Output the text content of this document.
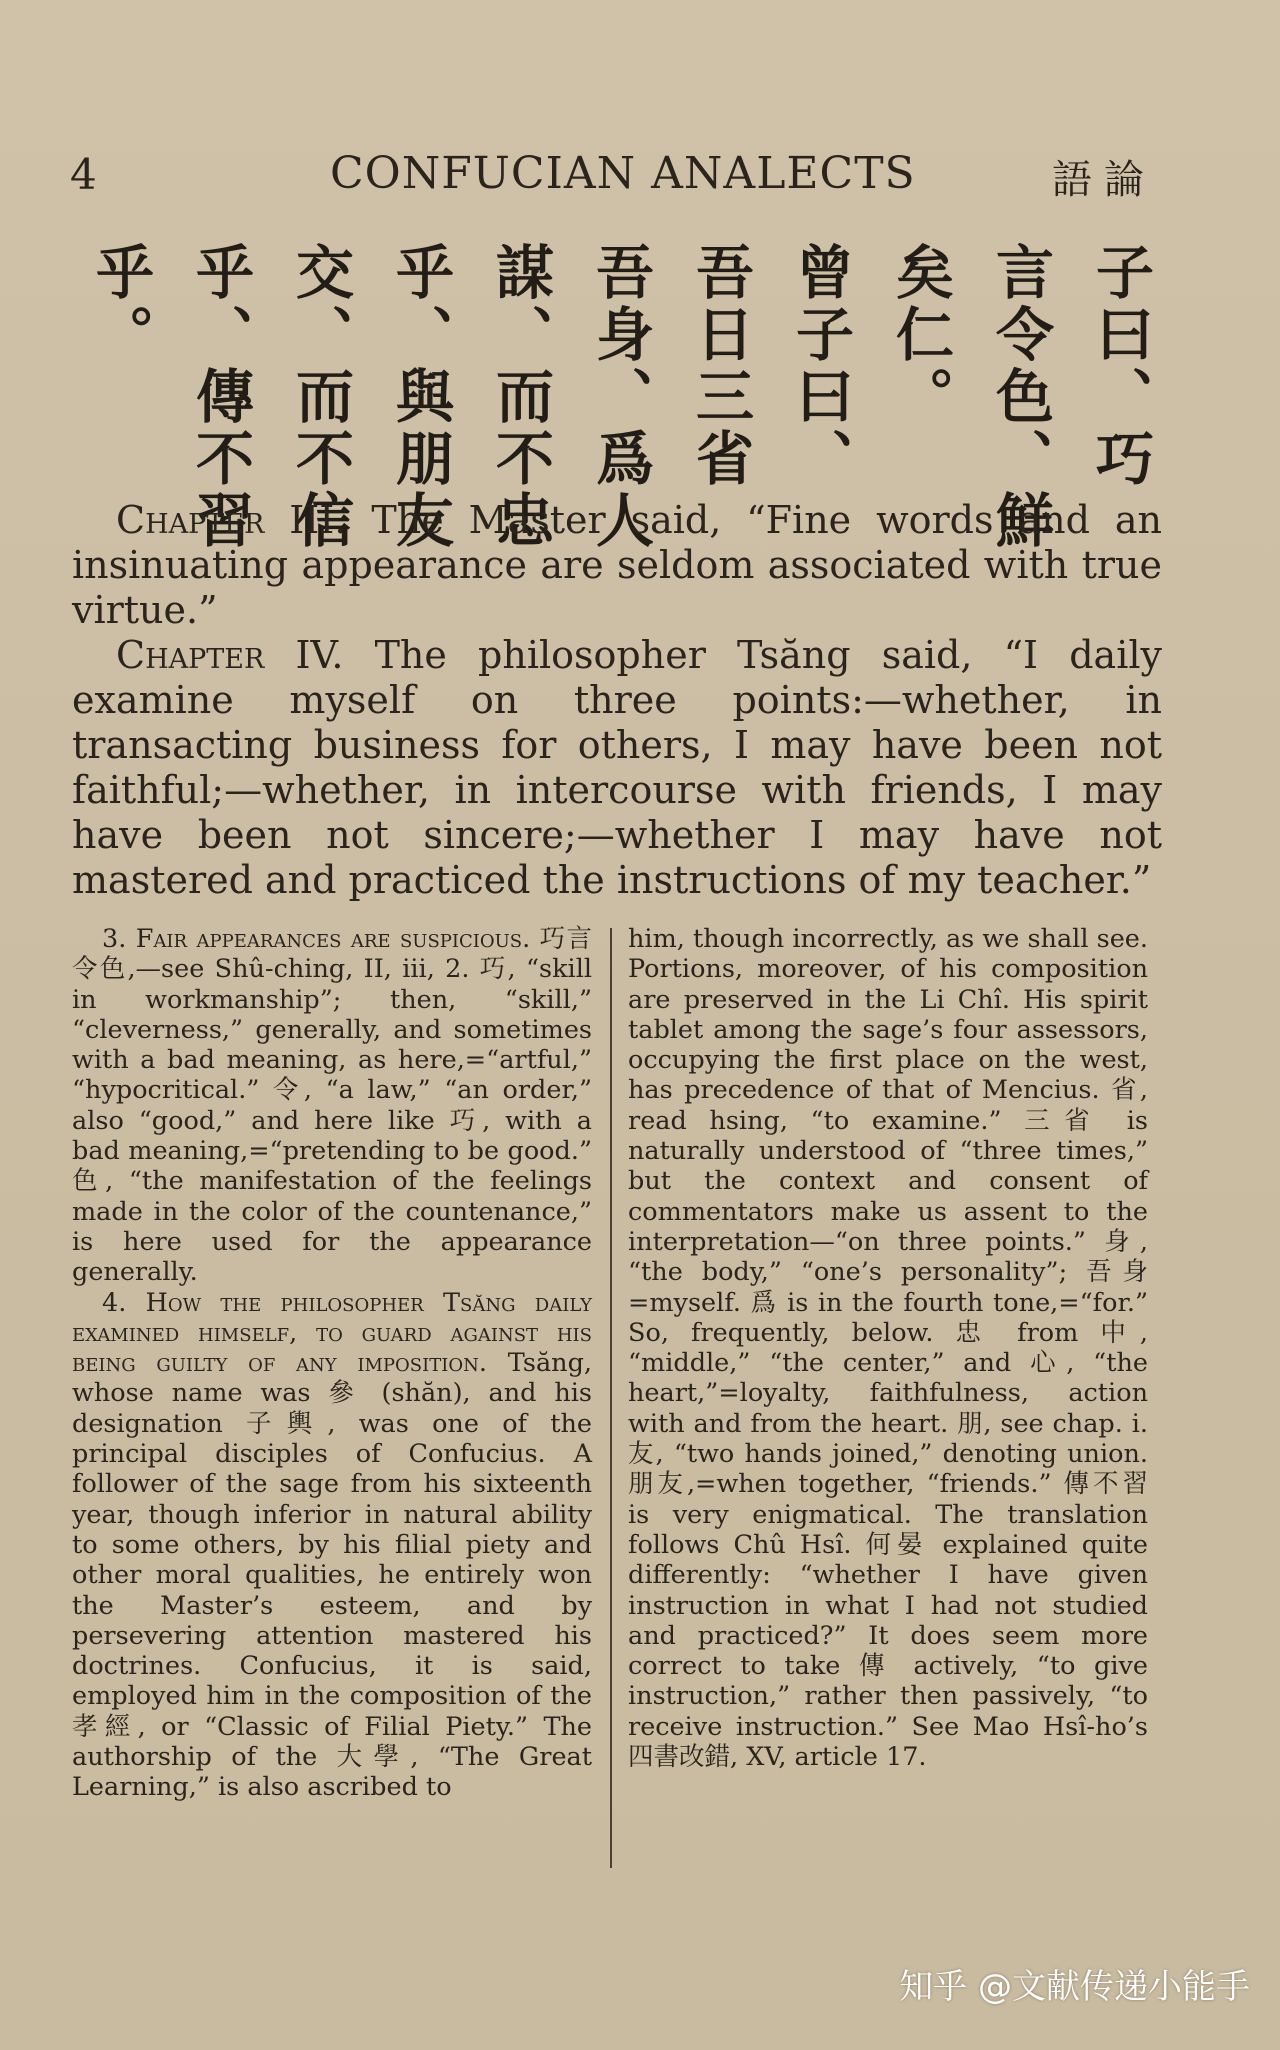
4	CONFUCIAN ANALECTS	語論
子曰、巧
言令色、鮮
矣仁。
曾子曰、
吾日三省
吾身、爲人
謀、而不忠
乎、與朋友
交、而不信
乎、傳不習
乎。

Chapter III. The Master said, “Fine words and an insinuating appearance are seldom associated with true virtue.”

Chapter IV. The philosopher Tsăng said, “I daily examine myself on three points:—whether, in transacting business for others, I may have been not faithful;—whether, in intercourse with friends, I may have been not sincere;—whether I may have not mastered and practiced the instructions of my teacher.”

3. Fair appearances are suspicious. 巧言令色,—see Shû-ching, II, iii, 2. 巧, “skill in workmanship”; then, “skill,” “cleverness,” generally, and sometimes with a bad meaning, as here,=“artful,” “hypocritical.” 令, “a law,” “an order,” also “good,” and here like 巧, with a bad meaning,=“pretending to be good.” 色, “the manifestation of the feelings made in the color of the countenance,” is here used for the appearance generally.

4. How the philosopher Tsăng daily examined himself, to guard against his being guilty of any imposition. Tsăng, whose name was 參 (shăn), and his designation 子輿, was one of the principal disciples of Confucius. A follower of the sage from his sixteenth year, though inferior in natural ability to some others, by his filial piety and other moral qualities, he entirely won the Master’s esteem, and by persevering attention mastered his doctrines. Confucius, it is said, employed him in the composition of the 孝經, or “Classic of Filial Piety.” The authorship of the 大學, “The Great Learning,” is also ascribed to

him, though incorrectly, as we shall see. Portions, moreover, of his composition are preserved in the Li Chî. His spirit tablet among the sage’s four assessors, occupying the first place on the west, has precedence of that of Mencius. 省, read hsing, “to examine.” 三省 is naturally understood of “three times,” but the context and consent of commentators make us assent to the interpretation—“on three points.” 身, “the body,” “one’s personality”; 吾身=myself. 爲 is in the fourth tone,=“for.” So, frequently, below. 忠 from 中, “middle,” “the center,” and 心, “the heart,”=loyalty, faithfulness, action with and from the heart. 朋, see chap. i. 友, “two hands joined,” denoting union. 朋友,=when together, “friends.” 傳不習 is very enigmatical. The translation follows Chû Hsî. 何晏 explained quite differently: “whether I have given instruction in what I had not studied and practiced?” It does seem more correct to take 傳 actively, “to give instruction,” rather then passively, “to receive instruction.” See Mao Hsî-ho’s 四書改錯, XV, article 17.

知乎 @文献传递小能手
